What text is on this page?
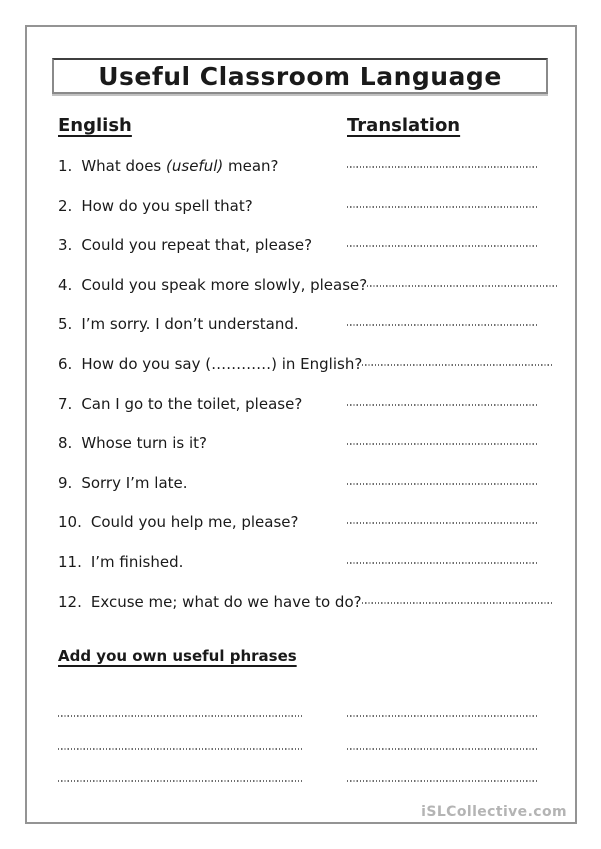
Useful Classroom Language
English	Translation
1. What does (useful) mean?
2. How do you spell that?
3. Could you repeat that, please?
4. Could you speak more slowly, please?
5. I’m sorry. I don’t understand.
6. How do you say (…………) in English?
7. Can I go to the toilet, please?
8. Whose turn is it?
9. Sorry I’m late.
10. Could you help me, please?
11. I’m finished.
12. Excuse me; what do we have to do?
Add you own useful phrases
iSLCollective.com
